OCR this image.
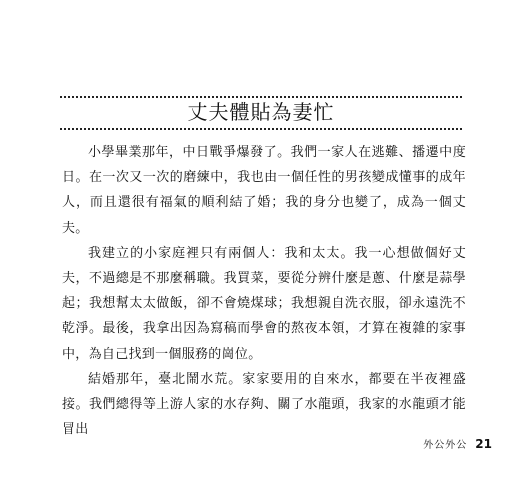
丈夫體貼為妻忙

小學畢業那年，中日戰爭爆發了。我們一家人在逃難、播遷中度日。在一次又一次的磨練中，我也由一個任性的男孩變成懂事的成年人，而且還很有福氣的順利結了婚；我的身分也變了，成為一個丈夫。

我建立的小家庭裡只有兩個人：我和太太。我一心想做個好丈夫，不過總是不那麼稱職。我買菜，要從分辨什麼是蔥、什麼是蒜學起；我想幫太太做飯，卻不會燒煤球；我想親自洗衣服，卻永遠洗不乾淨。最後，我拿出因為寫稿而學會的熬夜本領，才算在複雜的家事中，為自己找到一個服務的崗位。

結婚那年，臺北鬧水荒。家家要用的自來水，都要在半夜裡盛接。我們總得等上游人家的水存夠、關了水龍頭，我家的水龍頭才能冒出

外公外公 21
